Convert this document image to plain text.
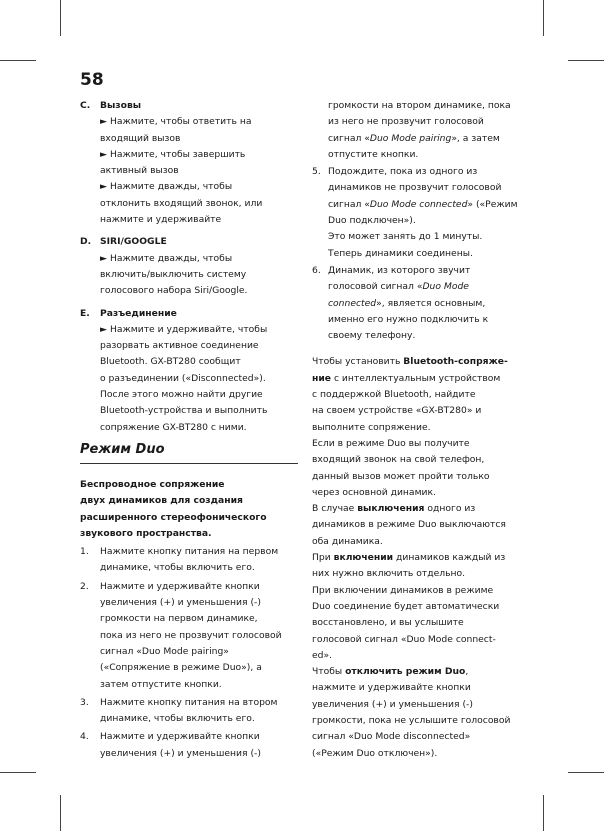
58
C. Вызовы
► Нажмите, чтобы ответить на
входящий вызов
► Нажмите, чтобы завершить
активный вызов
► Нажмите дважды, чтобы
отклонить входящий звонок, или
нажмите и удерживайте
D. SIRI/GOOGLE
► Нажмите дважды, чтобы
включить/выключить систему
голосового набора Siri/Google.
E. Разъединение
► Нажмите и удерживайте, чтобы
разорвать активное соединение
Bluetooth. GX-BT280 сообщит
о разъединении («Disconnected»).
После этого можно найти другие
Bluetooth-устройства и выполнить
сопряжение GX-BT280 с ними.
Режим Duo
Беспроводное сопряжение
двух динамиков для создания
расширенного стереофонического
звукового пространства.
1. Нажмите кнопку питания на первом
динамике, чтобы включить его.
2. Нажмите и удерживайте кнопки
увеличения (+) и уменьшения (-)
громкости на первом динамике,
пока из него не прозвучит голосовой
сигнал «Duo Mode pairing»
(«Сопряжение в режиме Duo»), а
затем отпустите кнопки.
3. Нажмите кнопку питания на втором
динамике, чтобы включить его.
4. Нажмите и удерживайте кнопки
увеличения (+) и уменьшения (-)
громкости на втором динамике, пока
из него не прозвучит голосовой
сигнал «Duo Mode pairing», а затем
отпустите кнопки.
5. Подождите, пока из одного из
динамиков не прозвучит голосовой
сигнал «Duo Mode connected» («Режим
Duo подключен»).
Это может занять до 1 минуты.
Теперь динамики соединены.
6. Динамик, из которого звучит
голосовой сигнал «Duo Mode
connected», является основным,
именно его нужно подключить к
своему телефону.
Чтобы установить Bluetooth-сопряже-
ние с интеллектуальным устройством
с поддержкой Bluetooth, найдите
на своем устройстве «GX-BT280» и
выполните сопряжение.
Если в режиме Duo вы получите
входящий звонок на свой телефон,
данный вызов может пройти только
через основной динамик.
В случае выключения одного из
динамиков в режиме Duo выключаются
оба динамика.
При включении динамиков каждый из
них нужно включить отдельно.
При включении динамиков в режиме
Duo соединение будет автоматически
восстановлено, и вы услышите
голосовой сигнал «Duo Mode connect-
ed».
Чтобы отключить режим Duo,
нажмите и удерживайте кнопки
увеличения (+) и уменьшения (-)
громкости, пока не услышите голосовой
сигнал «Duo Mode disconnected»
(«Режим Duo отключен»).
